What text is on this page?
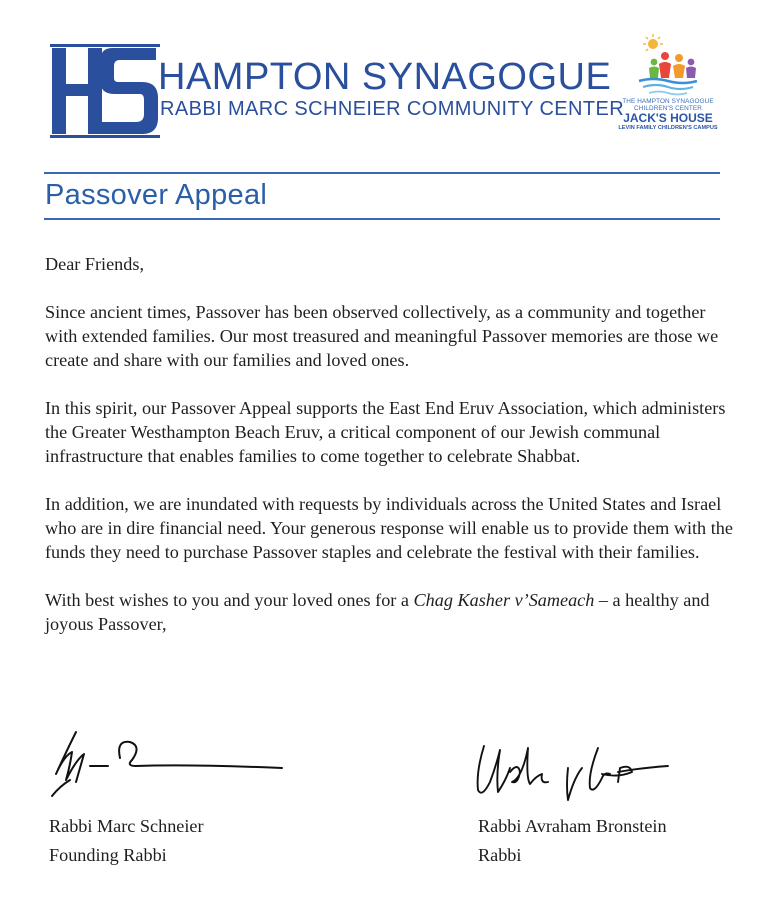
HAMPTON SYNAGOGUE
RABBI MARC SCHNEIER COMMUNITY CENTER
THE HAMPTON SYNAGOGUE
CHILDREN'S CENTER
JACK'S HOUSE
LEVIN FAMILY CHILDREN'S CAMPUS
Passover Appeal

Dear Friends,

Since ancient times, Passover has been observed collectively, as a community and together with extended families. Our most treasured and meaningful Passover memories are those we create and share with our families and loved ones.

In this spirit, our Passover Appeal supports the East End Eruv Association, which administers the Greater Westhampton Beach Eruv, a critical component of our Jewish communal infrastructure that enables families to come together to celebrate Shabbat.

In addition, we are inundated with requests by individuals across the United States and Israel who are in dire financial need. Your generous response will enable us to provide them with the funds they need to purchase Passover staples and celebrate the festival with their families.

With best wishes to you and your loved ones for a Chag Kasher v’Sameach – a healthy and joyous Passover,

Rabbi Marc Schneier
Founding Rabbi
Rabbi Avraham Bronstein
Rabbi
